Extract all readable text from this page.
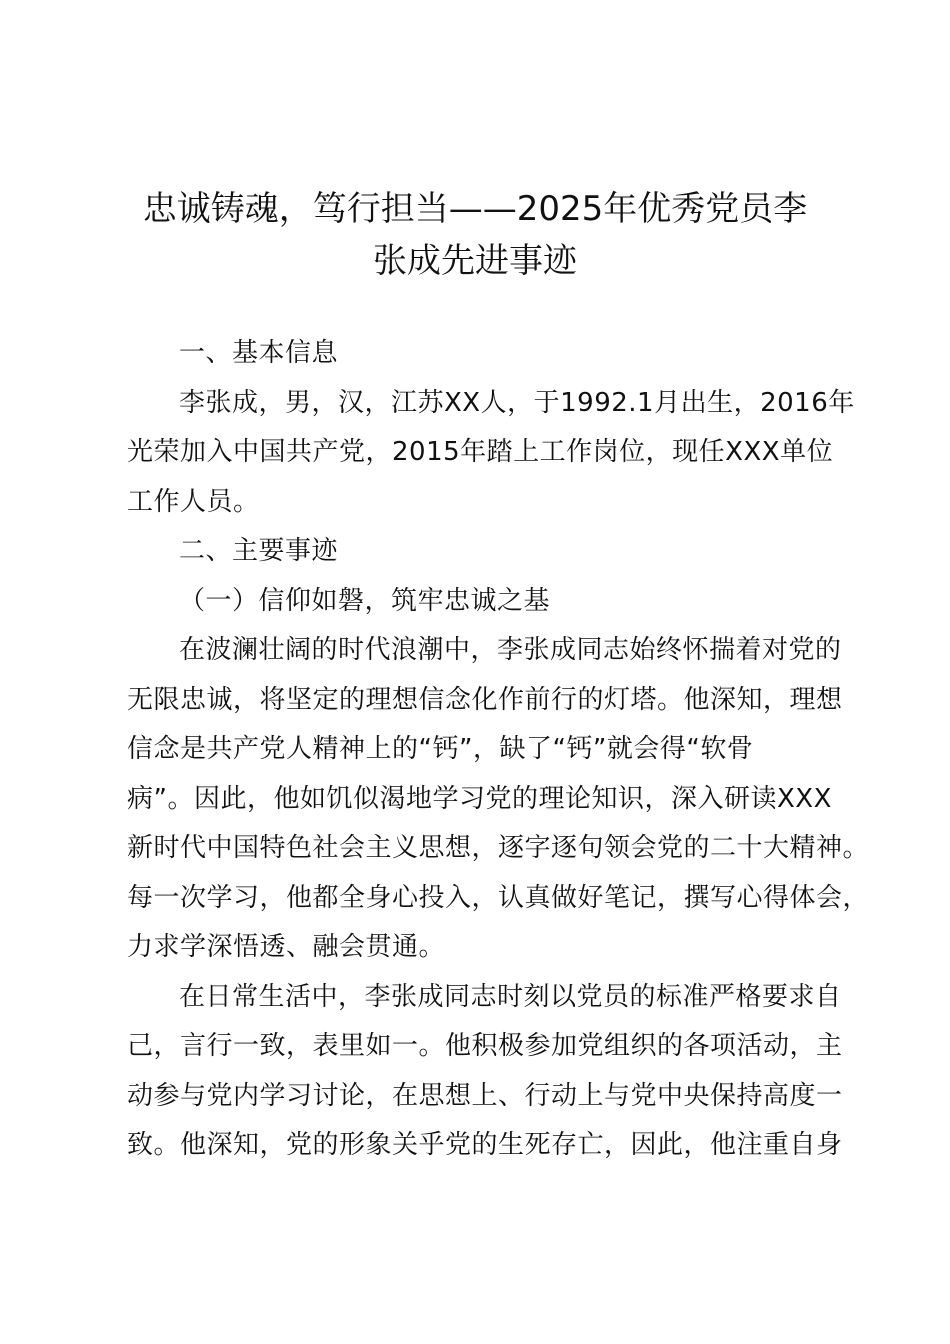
忠诚铸魂，笃行担当——2025年优秀党员李
张成先进事迹
一、基本信息
李张成，男，汉，江苏XX人，于1992.1月出生，2016年
光荣加入中国共产党，2015年踏上工作岗位，现任XXX单位
工作人员。
二、主要事迹
（一）信仰如磐，筑牢忠诚之基
在波澜壮阔的时代浪潮中，李张成同志始终怀揣着对党的
无限忠诚，将坚定的理想信念化作前行的灯塔。他深知，理想
信念是共产党人精神上的“钙”，缺了“钙”就会得“软骨
病”。因此，他如饥似渴地学习党的理论知识，深入研读XXX
新时代中国特色社会主义思想，逐字逐句领会党的二十大精神。
每一次学习，他都全身心投入，认真做好笔记，撰写心得体会，
力求学深悟透、融会贯通。
在日常生活中，李张成同志时刻以党员的标准严格要求自
己，言行一致，表里如一。他积极参加党组织的各项活动，主
动参与党内学习讨论，在思想上、行动上与党中央保持高度一
致。他深知，党的形象关乎党的生死存亡，因此，他注重自身
